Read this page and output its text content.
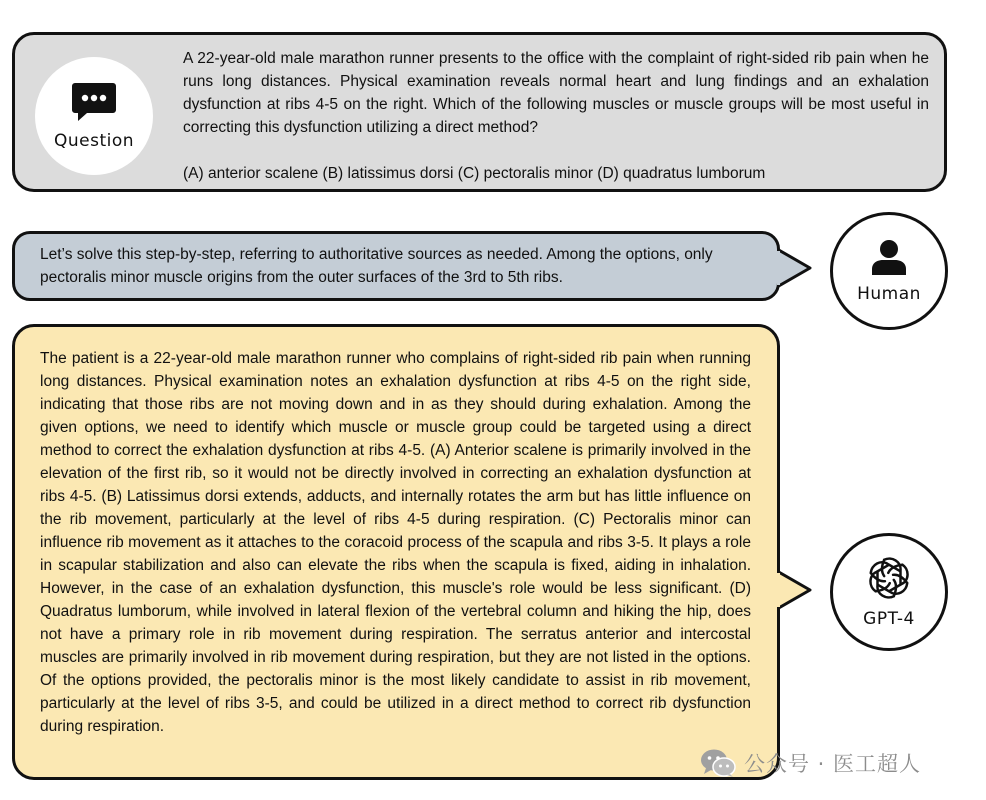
Question

A 22-year-old male marathon runner presents to the office with the complaint of right-sided rib pain when he runs long distances. Physical examination reveals normal heart and lung findings and an exhalation dysfunction at ribs 4-5 on the right. Which of the following muscles or muscle groups will be most useful in correcting this dysfunction utilizing a direct method?

(A) anterior scalene (B) latissimus dorsi (C) pectoralis minor (D) quadratus lumborum

Let’s solve this step-by-step, referring to authoritative sources as needed. Among the options, only pectoralis minor muscle origins from the outer surfaces of the 3rd to 5th ribs.
Human
The patient is a 22-year-old male marathon runner who complains of right-sided rib pain when running long distances. Physical examination notes an exhalation dysfunction at ribs 4-5 on the right side, indicating that those ribs are not moving down and in as they should during exhalation. Among the given options, we need to identify which muscle or muscle group could be targeted using a direct method to correct the exhalation dysfunction at ribs 4-5. (A) Anterior scalene is primarily involved in the elevation of the first rib, so it would not be directly involved in correcting an exhalation dysfunction at ribs 4-5. (B) Latissimus dorsi extends, adducts, and internally rotates the arm but has little influence on the rib movement, particularly at the level of ribs 4-5 during respiration. (C) Pectoralis minor can influence rib movement as it attaches to the coracoid process of the scapula and ribs 3-5. It plays a role in scapular stabilization and also can elevate the ribs when the scapula is fixed, aiding in inhalation. However, in the case of an exhalation dysfunction, this muscle's role would be less significant. (D) Quadratus lumborum, while involved in lateral flexion of the vertebral column and hiking the hip, does not have a primary role in rib movement during respiration. The serratus anterior and intercostal muscles are primarily involved in rib movement during respiration, but they are not listed in the options. Of the options provided, the pectoralis minor is the most likely candidate to assist in rib movement, particularly at the level of ribs 3-5, and could be utilized in a direct method to correct rib dysfunction during respiration.
GPT-4
公众号 · 医工超人
